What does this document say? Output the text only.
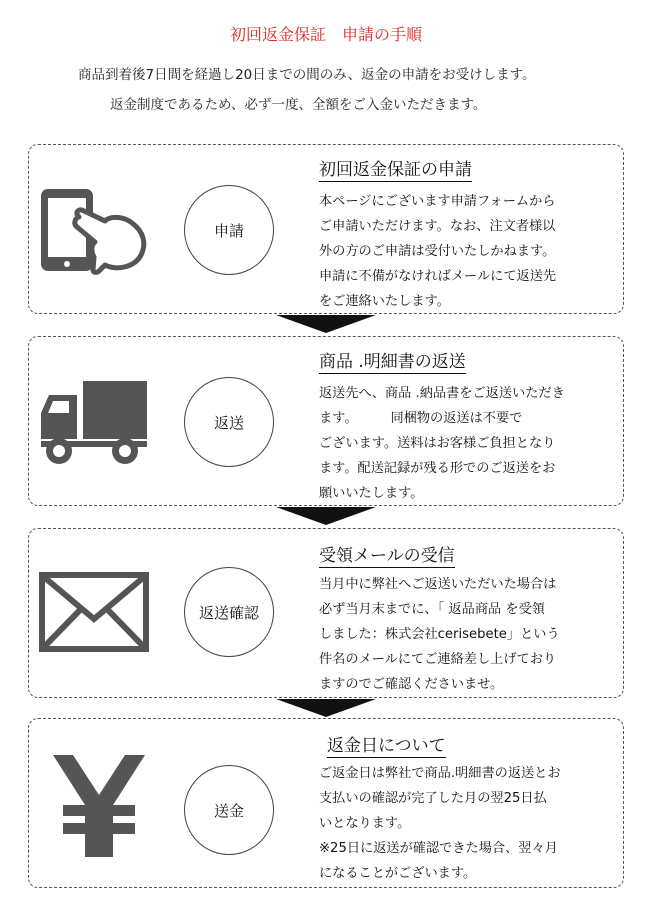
初回返金保証　申請の手順
商品到着後7日間を経過し20日までの間のみ、返金の申請をお受けします。
返金制度であるため、必ず一度、全額をご入金いただきます。
申請
初回返金保証の申請
本ページにございます申請フォームから
ご申請いただけます。なお、注文者様以
外の方のご申請は受付いたしかねます。
申請に不備がなければメールにて返送先
をご連絡いたします。
返送
商品 .明細書の返送
返送先へ、商品 .納品書をご返送いただき
ます。　　　同梱物の返送は不要で
ございます。送料はお客様ご負担となり
ます。配送記録が残る形でのご返送をお
願いいたします。
返送確認
受領メールの受信
当月中に弊社へご返送いただいた場合は
必ず当月末までに、「 返品商品 を受領
しました：株式会社cerisebete」という
件名のメールにてご連絡差し上げており
ますのでご確認くださいませ。
送金
返金日について
ご返金日は弊社で商品.明細書の返送とお
支払いの確認が完了した月の翌25日払
いとなります。
※25日に返送が確認できた場合、翌々月
になることがございます。
